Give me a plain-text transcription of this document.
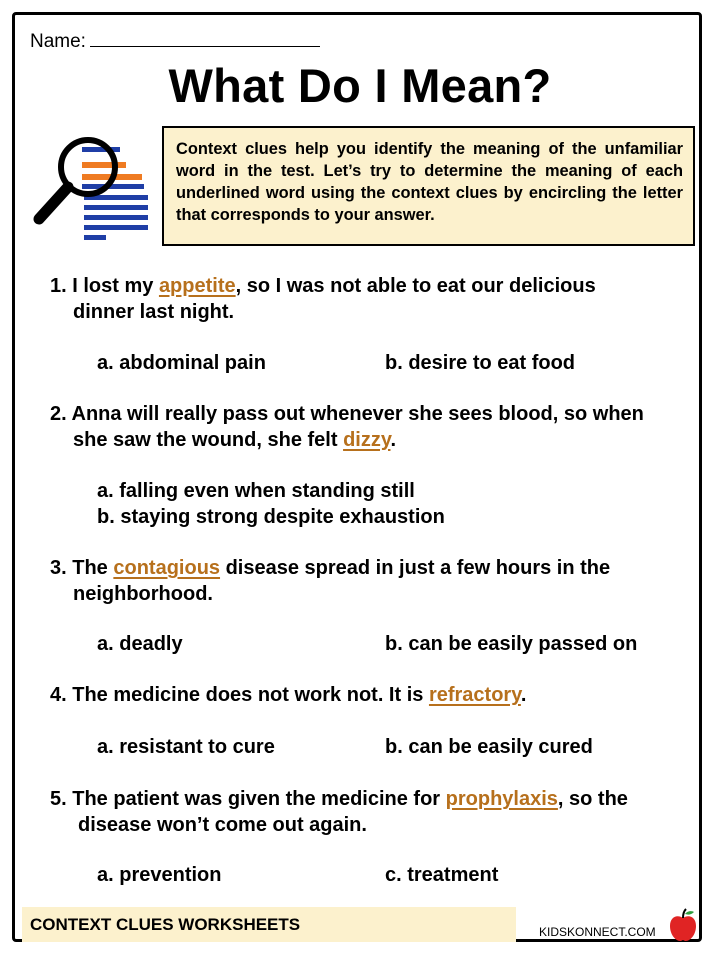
Name:
What Do I Mean?
Context clues help you identify the meaning of the unfamiliar word in the test. Let’s try to determine the meaning of each underlined word using the context clues by encircling the letter that corresponds to your answer.
1. I lost my appetite, so I was not able to eat our delicious
dinner last night.
a. abdominal pain	b. desire to eat food
2. Anna will really pass out whenever she sees blood, so when
she saw the wound, she felt dizzy.
a. falling even when standing still
b. staying strong despite exhaustion
3. The contagious disease spread in just a few hours in the
neighborhood.
a. deadly	b. can be easily passed on
4. The medicine does not work not. It is refractory.
a. resistant to cure	b. can be easily cured
5. The patient was given the medicine for prophylaxis, so the
disease won’t come out again.
a. prevention	c. treatment
CONTEXT CLUES WORKSHEETS	KIDSKONNECT.COM
